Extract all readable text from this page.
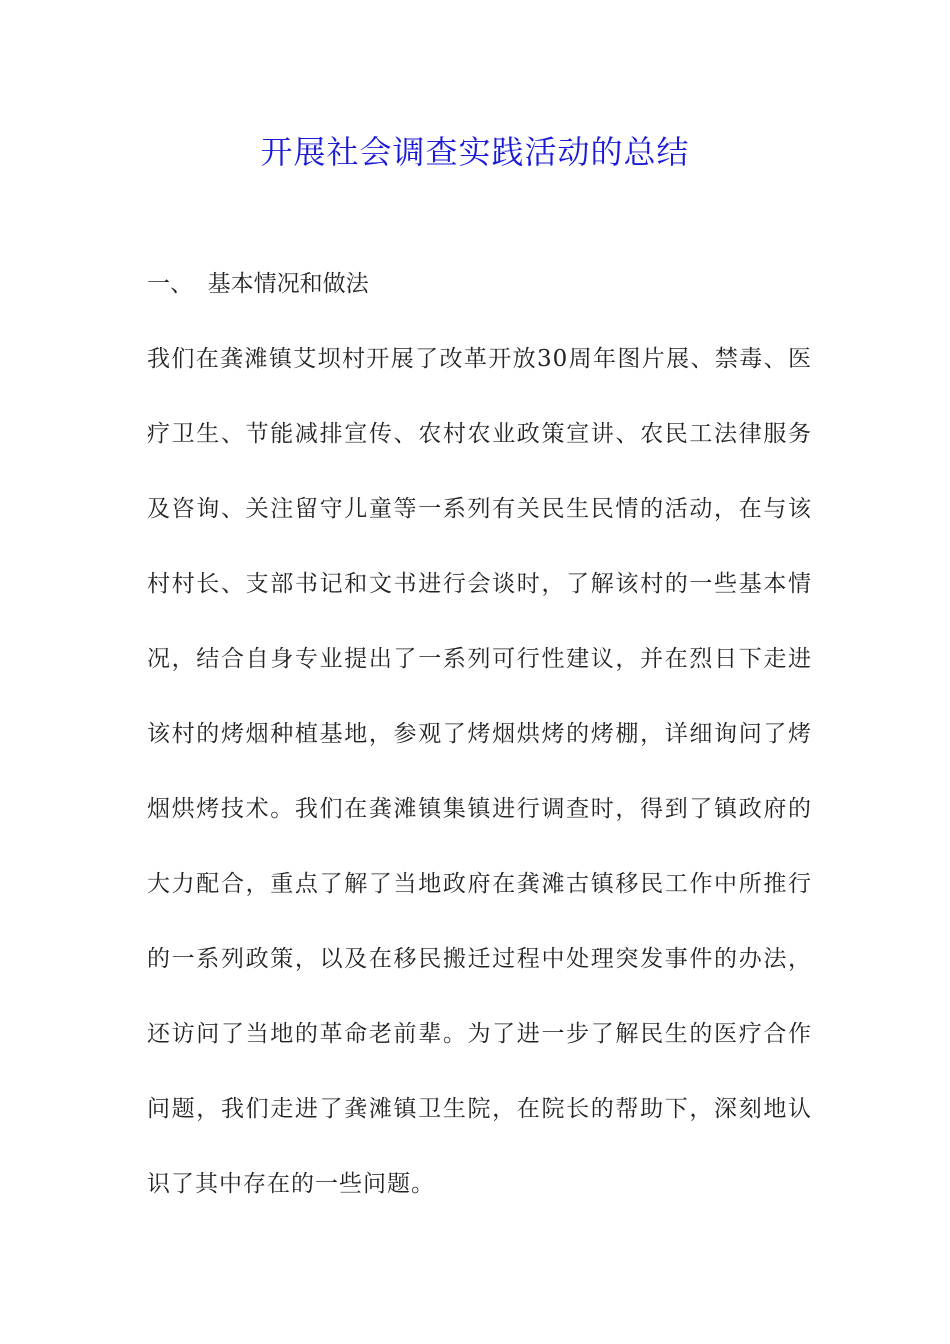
开展社会调查实践活动的总结
一、  基本情况和做法
我们在龚滩镇艾坝村开展了改革开放30周年图片展、禁毒、医
疗卫生、节能减排宣传、农村农业政策宣讲、农民工法律服务
及咨询、关注留守儿童等一系列有关民生民情的活动，在与该
村村长、支部书记和文书进行会谈时，了解该村的一些基本情
况，结合自身专业提出了一系列可行性建议，并在烈日下走进
该村的烤烟种植基地，参观了烤烟烘烤的烤棚，详细询问了烤
烟烘烤技术。我们在龚滩镇集镇进行调查时，得到了镇政府的
大力配合，重点了解了当地政府在龚滩古镇移民工作中所推行
的一系列政策，以及在移民搬迁过程中处理突发事件的办法，
还访问了当地的革命老前辈。为了进一步了解民生的医疗合作
问题，我们走进了龚滩镇卫生院，在院长的帮助下，深刻地认
识了其中存在的一些问题。
